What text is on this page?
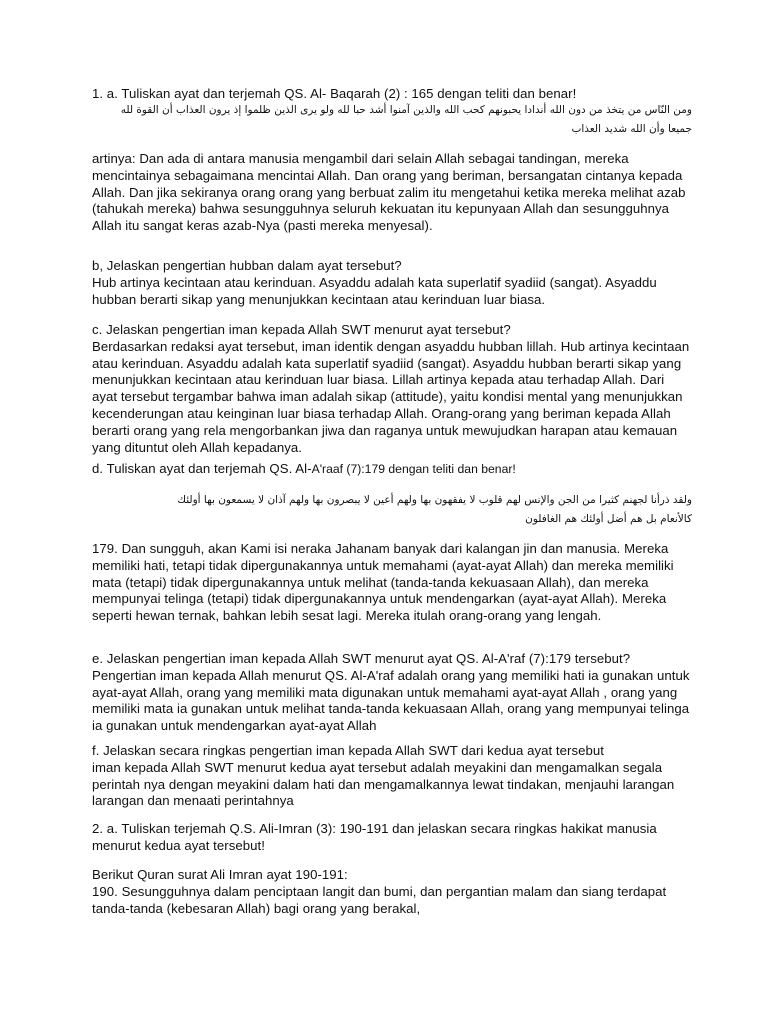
1. a. Tuliskan ayat dan terjemah QS. Al- Baqarah (2) : 165 dengan teliti dan benar!

ومن النّاس من يتخذ من دون الله أندادا يحبونهم كحب الله والذين آمنوا أشد حبا لله ولو يرى الذين ظلموا إذ يرون العذاب أن القوة لله
جميعا وأن الله شديد العذاب

artinya: Dan ada di antara manusia mengambil dari selain Allah sebagai tandingan, mereka mencintainya sebagaimana mencintai Allah. Dan orang yang beriman, bersangatan cintanya kepada Allah. Dan jika sekiranya orang orang yang berbuat zalim itu mengetahui ketika mereka melihat azab (tahukah mereka) bahwa sesungguhnya seluruh kekuatan itu kepunyaan Allah dan sesungguhnya Allah itu sangat keras azab-Nya (pasti mereka menyesal).

b, Jelaskan pengertian hubban dalam ayat tersebut?

Hub artinya kecintaan atau kerinduan. Asyaddu adalah kata superlatif syadiid (sangat). Asyaddu hubban berarti sikap yang menunjukkan kecintaan atau kerinduan luar biasa.

c. Jelaskan pengertian iman kepada Allah SWT menurut ayat tersebut?

Berdasarkan redaksi ayat tersebut, iman identik dengan asyaddu hubban lillah. Hub artinya kecintaan atau kerinduan. Asyaddu adalah kata superlatif syadiid (sangat). Asyaddu hubban berarti sikap yang menunjukkan kecintaan atau kerinduan luar biasa. Lillah artinya kepada atau terhadap Allah. Dari ayat tersebut tergambar bahwa iman adalah sikap (attitude), yaitu kondisi mental yang menunjukkan kecenderungan atau keinginan luar biasa terhadap Allah. Orang-orang yang beriman kepada Allah berarti orang yang rela mengorbankan jiwa dan raganya untuk mewujudkan harapan atau kemauan yang dituntut oleh Allah kepadanya.

d. Tuliskan ayat dan terjemah QS. Al-A'raaf (7):179 dengan teliti dan benar!

ولقد ذرأنا لجهنم كثيرا من الجن والإنس لهم قلوب لا يفقهون بها ولهم أعين لا يبصرون بها ولهم آذان لا يسمعون بها أولئك
كالأنعام بل هم أضل أولئك هم الغافلون

179. Dan sungguh, akan Kami isi neraka Jahanam banyak dari kalangan jin dan manusia. Mereka memiliki hati, tetapi tidak dipergunakannya untuk memahami (ayat-ayat Allah) dan mereka memiliki mata (tetapi) tidak dipergunakannya untuk melihat (tanda-tanda kekuasaan Allah), dan mereka mempunyai telinga (tetapi) tidak dipergunakannya untuk mendengarkan (ayat-ayat Allah). Mereka seperti hewan ternak, bahkan lebih sesat lagi. Mereka itulah orang-orang yang lengah.

e. Jelaskan pengertian iman kepada Allah SWT menurut ayat QS. Al-A'raf (7):179 tersebut?

Pengertian iman kepada Allah menurut QS. Al-A'raf adalah orang yang memiliki hati ia gunakan untuk ayat-ayat Allah, orang yang memiliki mata digunakan untuk memahami ayat-ayat Allah , orang yang memiliki mata ia gunakan untuk melihat tanda-tanda kekuasaan Allah, orang yang mempunyai telinga ia gunakan untuk mendengarkan ayat-ayat Allah

f. Jelaskan secara ringkas pengertian iman kepada Allah SWT dari kedua ayat tersebut

iman kepada Allah SWT menurut kedua ayat tersebut adalah meyakini dan mengamalkan segala perintah nya dengan meyakini dalam hati dan mengamalkannya lewat tindakan, menjauhi larangan larangan dan menaati perintahnya

2. a. Tuliskan terjemah Q.S. Ali-Imran (3): 190-191 dan jelaskan secara ringkas hakikat manusia menurut kedua ayat tersebut!

Berikut Quran surat Ali Imran ayat 190-191:

190. Sesungguhnya dalam penciptaan langit dan bumi, dan pergantian malam dan siang terdapat tanda-tanda (kebesaran Allah) bagi orang yang berakal,
